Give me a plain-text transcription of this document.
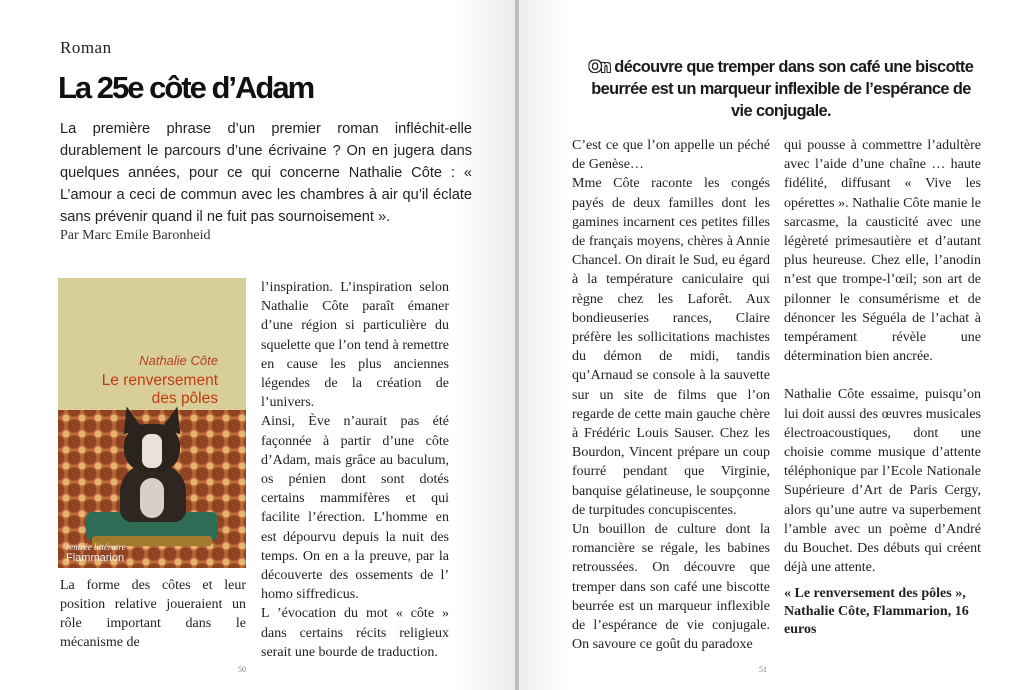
Roman
La 25e côte d’Adam
La première phrase d’un premier roman infléchit-elle durablement le parcours d’une écrivaine ? On en jugera dans quelques années, pour ce qui concerne Nathalie Côte : « L’amour a ceci de commun avec les chambres à air qu’il éclate sans prévenir quand il ne fuit pas sournoisement ».
Par Marc Emile Baronheid
Nathalie Côte
Le renversement
des pôles
rentrée littéraire
Flammarion
La forme des côtes et leur position relative joueraient un rôle important dans le mécanisme de

l’inspiration. L’inspiration selon Nathalie Côte paraît émaner d’une région si particulière du squelette que l’on tend à remettre en cause les plus anciennes légendes de la création de l’univers.

Ainsi, Ève n’aurait pas été façonnée à partir d’une côte d’Adam, mais grâce au baculum, os pénien dont sont dotés certains mammifères et qui facilite l’érection. L’homme en est dépourvu depuis la nuit des temps. On en a la preuve, par la découverte des ossements de l’ homo siffredicus.

L ’évocation du mot « côte » dans certains récits religieux serait une bourde de traduction.

50
On découvre que tremper dans son café une biscotte beurrée est un marqueur inflexible de l’espérance de vie conjugale.

C’est ce que l’on appelle un péché de Genèse…

Mme Côte raconte les congés payés de deux familles dont les gamines incarnent ces petites filles de français moyens, chères à Annie Chancel. On dirait le Sud, eu égard à la température caniculaire qui règne chez les Laforêt. Aux bondieuseries rances, Claire préfère les sollicitations machistes du démon de midi, tandis qu’Arnaud se console à la sauvette sur un site de films que l’on regarde de cette main gauche chère à Frédéric Louis Sauser. Chez les Bourdon, Vincent prépare un coup fourré pendant que Virginie, banquise gélatineuse, le soupçonne de turpitudes concupiscentes.

Un bouillon de culture dont la romancière se régale, les babines retroussées. On découvre que tremper dans son café une biscotte beurrée est un marqueur inflexible de l’espérance de vie conjugale. On savoure ce goût du paradoxe

qui pousse à commettre l’adultère avec l’aide d’une chaîne … haute fidélité, diffusant « Vive les opérettes ». Nathalie Côte manie le sarcasme, la causticité avec une légèreté primesautière et d’autant plus heureuse. Chez elle, l’anodin n’est que trompe-l’œil; son art de pilonner le consumérisme et de dénoncer les Séguéla de l’achat à tempérament révèle une détermination bien ancrée.

Nathalie Côte essaime, puisqu’on lui doit aussi des œuvres musicales électroacoustiques, dont une choisie comme musique d’attente téléphonique par l’Ecole Nationale Supérieure d’Art de Paris Cergy, alors qu’une autre va superbement l’amble avec un poème d’André du Bouchet. Des débuts qui créent déjà une attente.

« Le renversement des pôles », Nathalie Côte, Flammarion, 16 euros
51
